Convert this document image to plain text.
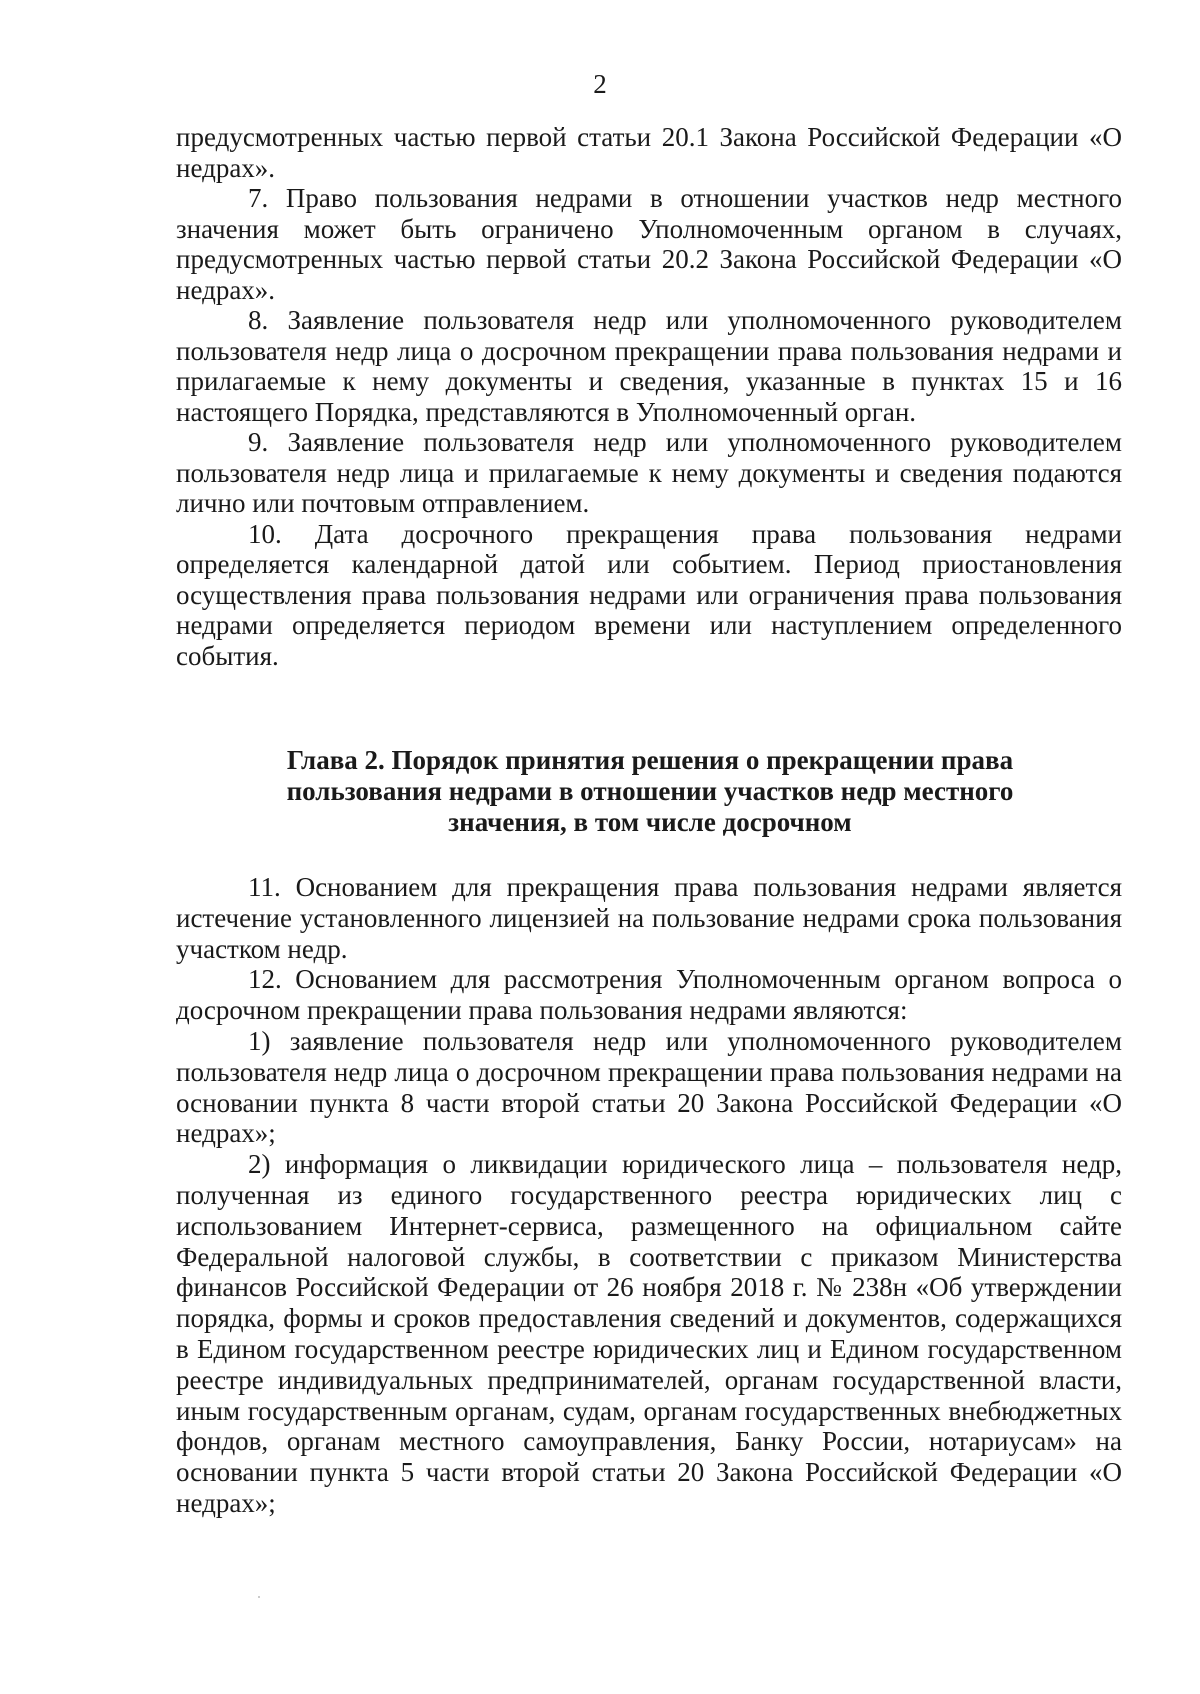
2

предусмотренных частью первой статьи 20.1 Закона Российской Федерации «О недрах».

7. Право пользования недрами в отношении участков недр местного значения может быть ограничено Уполномоченным органом в случаях, предусмотренных частью первой статьи 20.2 Закона Российской Федерации «О недрах».

8. Заявление пользователя недр или уполномоченного руководителем пользователя недр лица о досрочном прекращении права пользования недрами и прилагаемые к нему документы и сведения, указанные в пунктах 15 и 16 настоящего Порядка, представляются в Уполномоченный орган.

9. Заявление пользователя недр или уполномоченного руководителем пользователя недр лица и прилагаемые к нему документы и сведения подаются лично или почтовым отправлением.

10. Дата досрочного прекращения права пользования недрами определяется календарной датой или событием. Период приостановления осуществления права пользования недрами или ограничения права пользования недрами определяется периодом времени или наступлением определенного события.

Глава 2. Порядок принятия решения о прекращении права
пользования недрами в отношении участков недр местного
значения, в том числе досрочном

11. Основанием для прекращения права пользования недрами является истечение установленного лицензией на пользование недрами срока пользования участком недр.

12. Основанием для рассмотрения Уполномоченным органом вопроса о досрочном прекращении права пользования недрами являются:

1) заявление пользователя недр или уполномоченного руководителем пользователя недр лица о досрочном прекращении права пользования недрами на основании пункта 8 части второй статьи 20 Закона Российской Федерации «О недрах»;

2) информация о ликвидации юридического лица – пользователя недр, полученная из единого государственного реестра юридических лиц с использованием Интернет-сервиса, размещенного на официальном сайте Федеральной налоговой службы, в соответствии с приказом Министерства финансов Российской Федерации от 26 ноября 2018 г. № 238н «Об утверждении порядка, формы и сроков предоставления сведений и документов, содержащихся в Едином государственном реестре юридических лиц и Едином государственном реестре индивидуальных предпринимателей, органам государственной власти, иным государственным органам, судам, органам государственных внебюджетных фондов, органам местного самоуправления, Банку России, нотариусам» на основании пункта 5 части второй статьи 20 Закона Российской Федерации «О недрах»;
